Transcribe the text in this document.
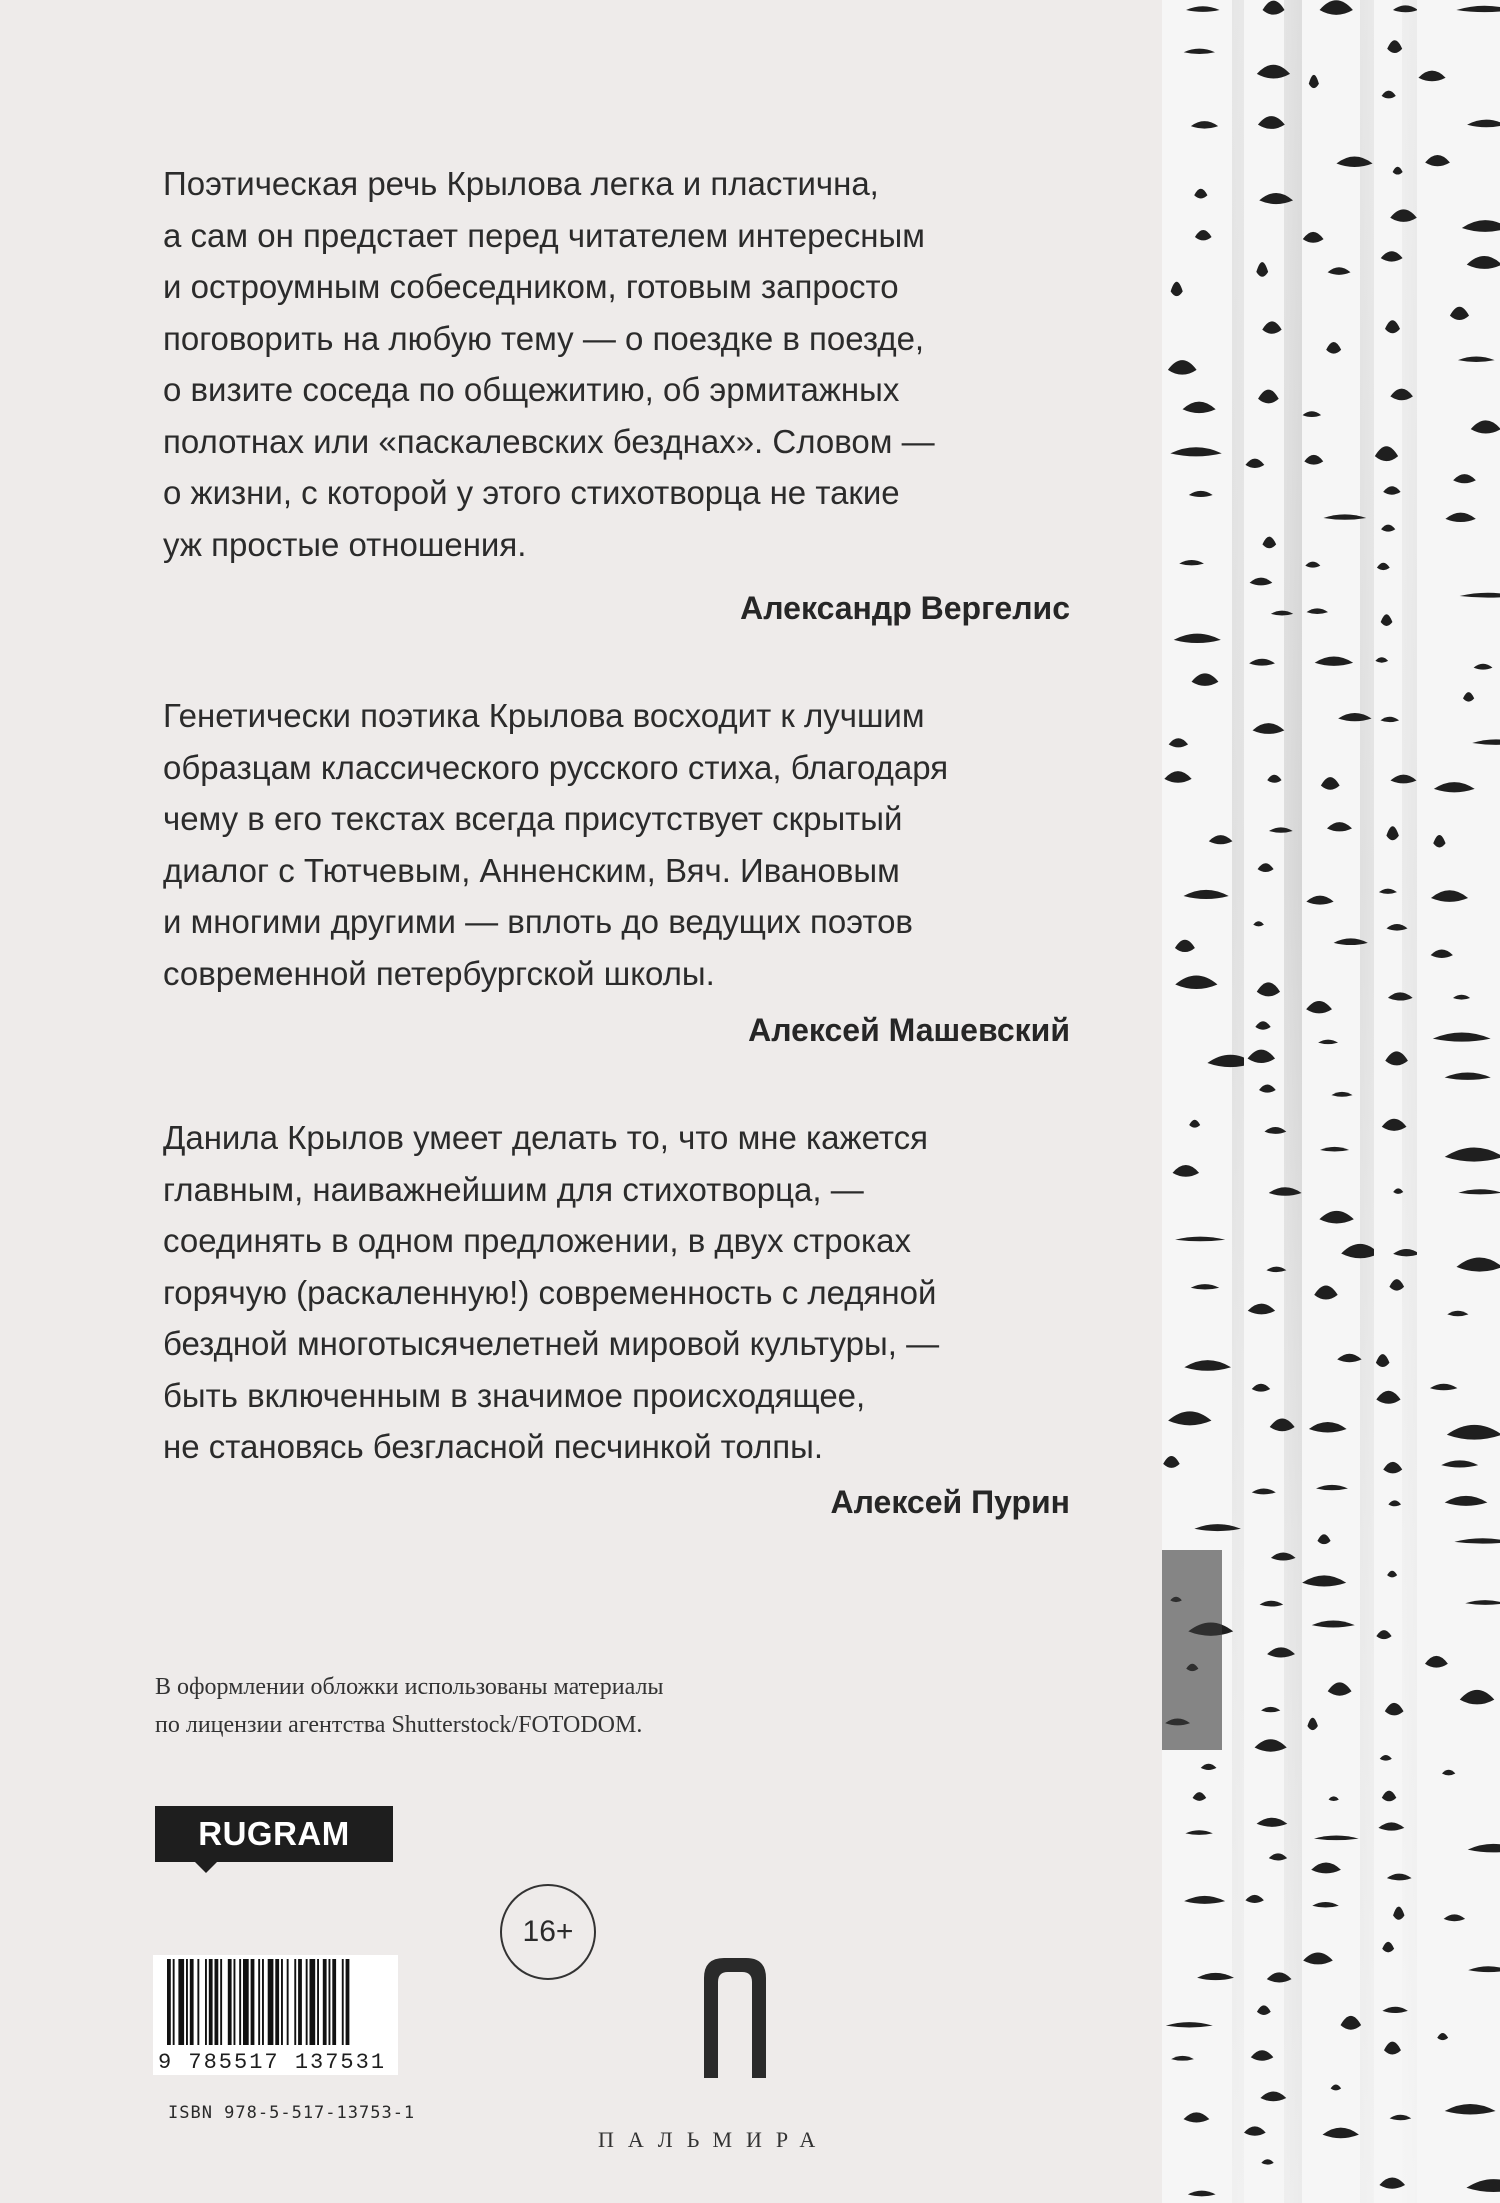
Поэтическая речь Крылова легка и пластична,
а сам он предстает перед читателем интересным
и остроумным собеседником, готовым запросто
поговорить на любую тему — о поездке в поезде,
о визите соседа по общежитию, об эрмитажных
полотнах или «паскалевских безднах». Словом —
о жизни, с которой у этого стихотворца не такие
уж простые отношения.

Александр Вергелис

Генетически поэтика Крылова восходит к лучшим
образцам классического русского стиха, благодаря
чему в его текстах всегда присутствует скрытый
диалог с Тютчевым, Анненским, Вяч. Ивановым
и многими другими — вплоть до ведущих поэтов
современной петербургской школы.

Алексей Машевский

Данила Крылов умеет делать то, что мне кажется
главным, наиважнейшим для стихотворца, —
соединять в одном предложении, в двух строках
горячую (раскаленную!) современность с ледяной
бездной многотысячелетней мировой культуры, —
быть включенным в значимое происходящее,
не становясь безгласной песчинкой толпы.

Алексей Пурин

В оформлении обложки использованы материалы
по лицензии агентства Shutterstock/FOTODOM.
RUGRAM
16+
9 785517 137531
ISBN 978-5-517-13753-1
ПАЛЬМИРА
